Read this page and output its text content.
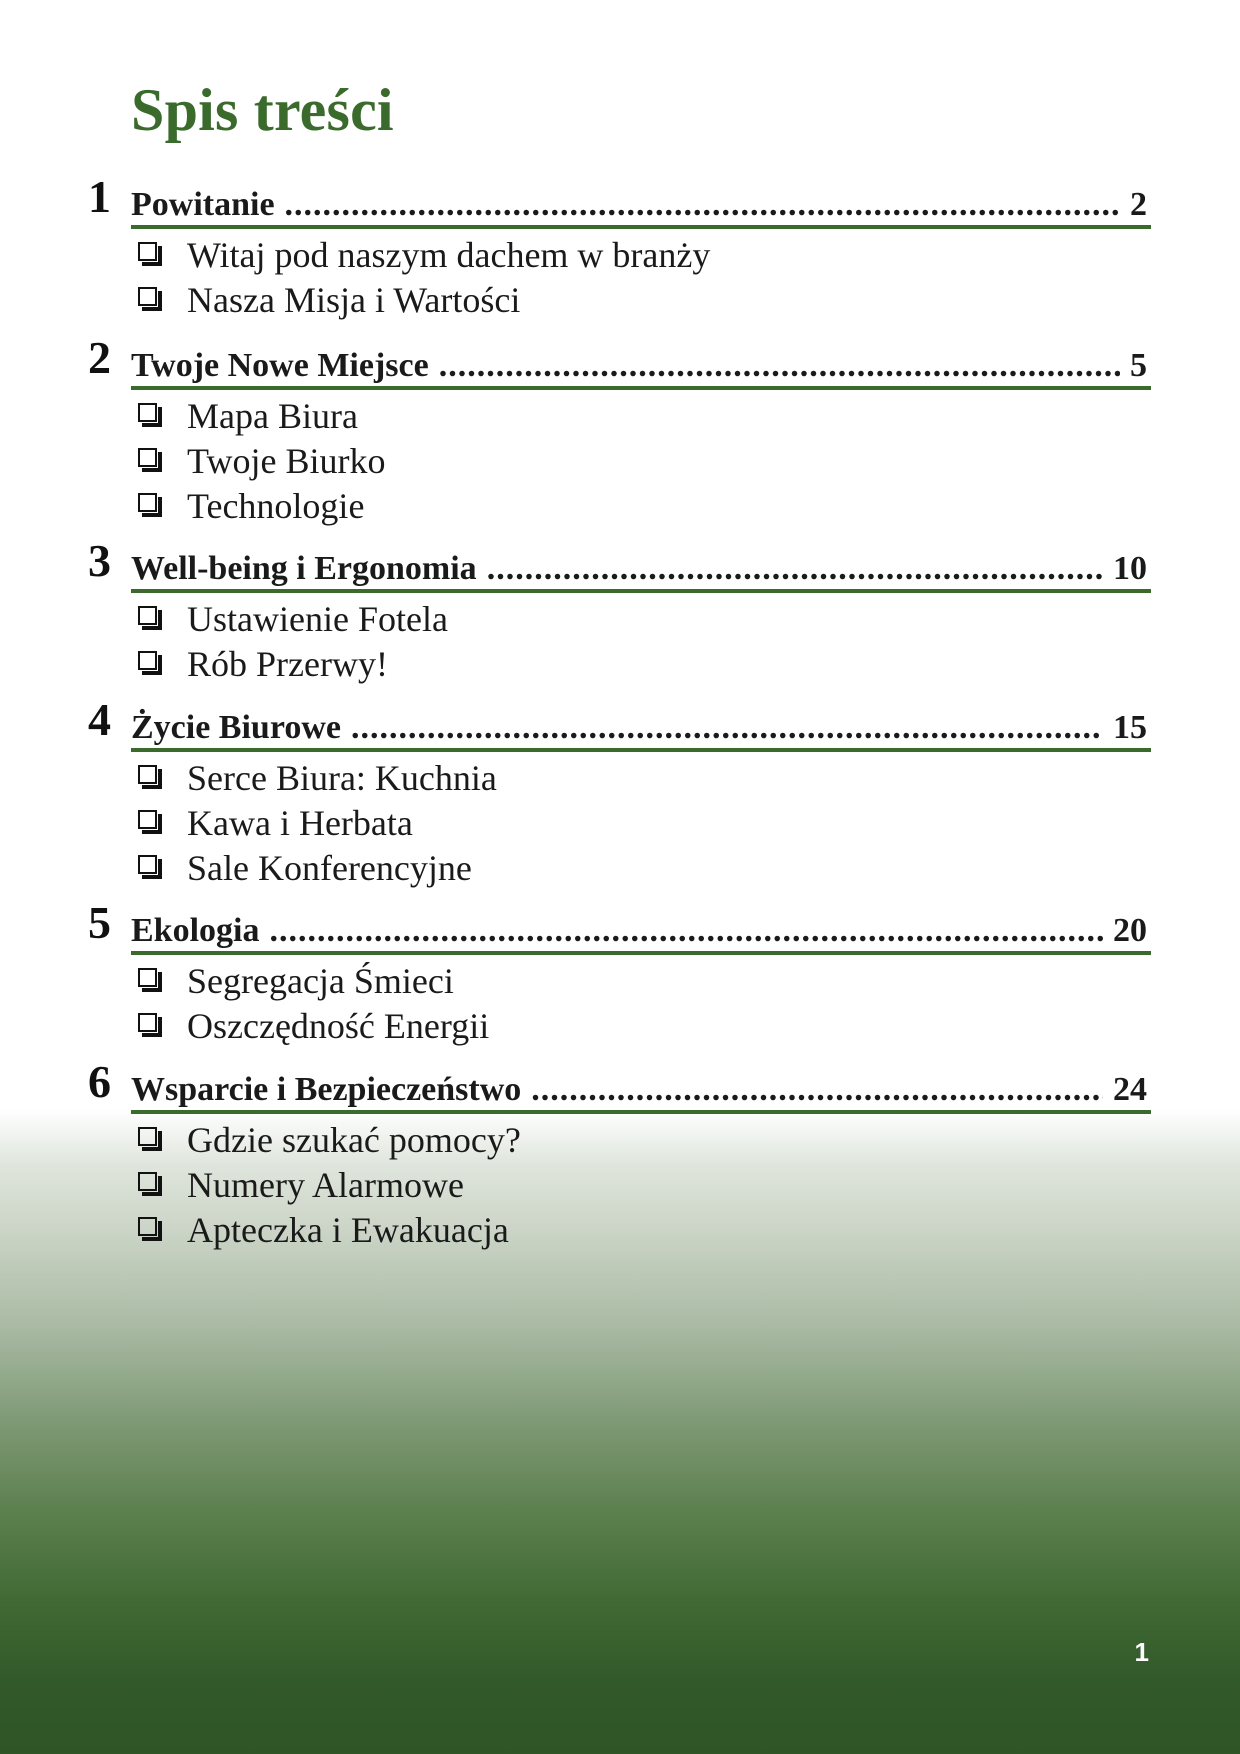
Spis treści
1 Powitanie .....	2
Witaj pod naszym dachem w branży
Nasza Misja i Wartości
2 Twoje Nowe Miejsce .....	5
Mapa Biura
Twoje Biurko
Technologie
3 Well-being i Ergonomia .....	10
Ustawienie Fotela
Rób Przerwy!
4 Życie Biurowe .....	15
Serce Biura: Kuchnia
Kawa i Herbata
Sale Konferencyjne
5 Ekologia .....	20
Segregacja Śmieci
Oszczędność Energii
6 Wsparcie i Bezpieczeństwo .....	24
Gdzie szukać pomocy?
Numery Alarmowe
Apteczka i Ewakuacja
1
